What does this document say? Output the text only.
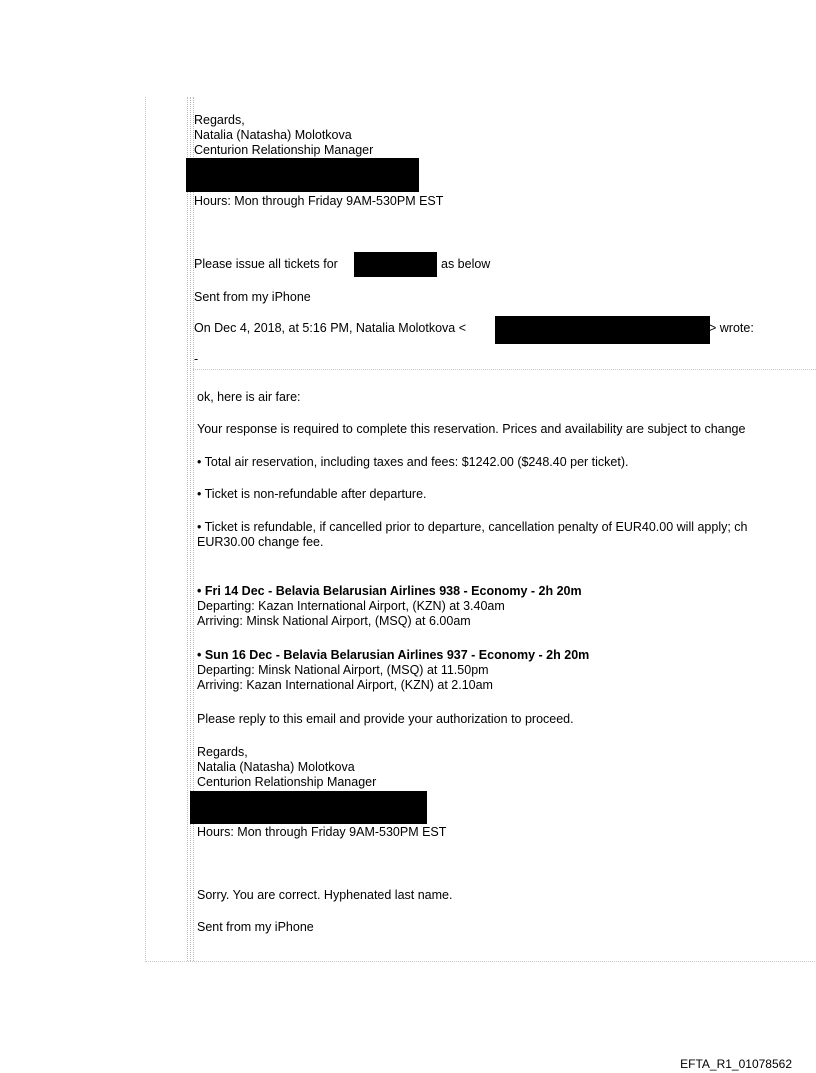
Regards,
Natalia (Natasha) Molotkova
Centurion Relationship Manager
Hours: Mon through Friday 9AM-530PM EST
Please issue all tickets for	as below
Sent from my iPhone
On Dec 4, 2018, at 5:16 PM, Natalia Molotkova <	> wrote:
-
ok, here is air fare:
Your response is required to complete this reservation. Prices and availability are subject to change
• Total air reservation, including taxes and fees: $1242.00 ($248.40 per ticket).
• Ticket is non-refundable after departure.
• Ticket is refundable, if cancelled prior to departure, cancellation penalty of EUR40.00 will apply; ch
EUR30.00 change fee.
• Fri 14 Dec - Belavia Belarusian Airlines 938 - Economy - 2h 20m
Departing: Kazan International Airport, (KZN) at 3.40am
Arriving: Minsk National Airport, (MSQ) at 6.00am
• Sun 16 Dec - Belavia Belarusian Airlines 937 - Economy - 2h 20m
Departing: Minsk National Airport, (MSQ) at 11.50pm
Arriving: Kazan International Airport, (KZN) at 2.10am
Please reply to this email and provide your authorization to proceed.
Regards,
Natalia (Natasha) Molotkova
Centurion Relationship Manager
Hours: Mon through Friday 9AM-530PM EST
Sorry. You are correct. Hyphenated last name.
Sent from my iPhone
EFTA_R1_01078562
